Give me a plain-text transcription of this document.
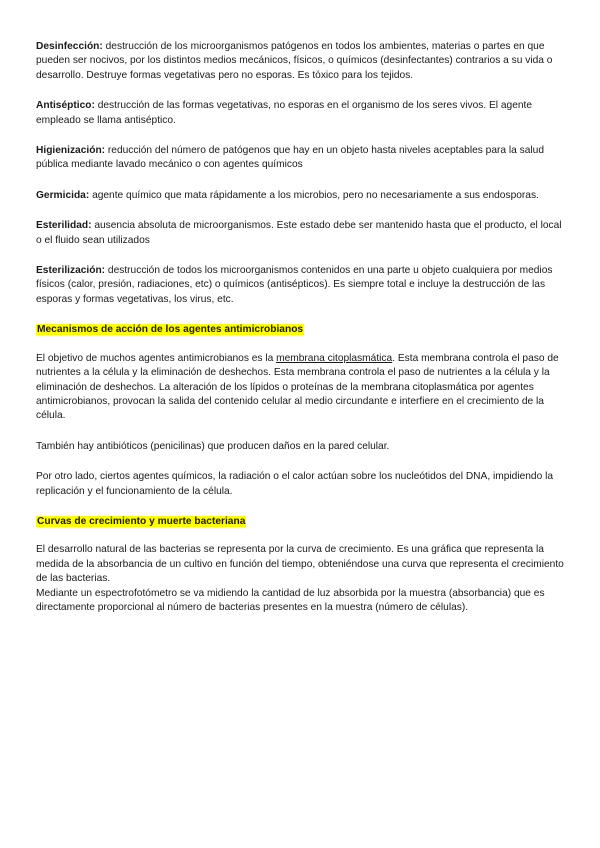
Desinfección: destrucción de los microorganismos patógenos en todos los ambientes, materias o partes en que pueden ser nocivos, por los distintos medios mecánicos, físicos, o químicos (desinfectantes) contrarios a su vida o desarrollo. Destruye formas vegetativas pero no esporas. Es tóxico para los tejidos.

Antiséptico: destrucción de las formas vegetativas, no esporas en el organismo de los seres vivos. El agente empleado se llama antiséptico.

Higienización: reducción del número de patógenos que hay en un objeto hasta niveles aceptables para la salud pública mediante lavado mecánico o con agentes químicos

Germicida: agente químico que mata rápidamente a los microbios, pero no necesariamente a sus endosporas.

Esterilidad: ausencia absoluta de microorganismos. Este estado debe ser mantenido hasta que el producto, el local o el fluido sean utilizados

Esterilización: destrucción de todos los microorganismos contenidos en una parte u objeto cualquiera por medios físicos (calor, presión, radiaciones, etc) o químicos (antisépticos). Es siempre total e incluye la destrucción de las esporas y formas vegetativas, los virus, etc.

Mecanismos de acción de los agentes antimicrobianos

El objetivo de muchos agentes antimicrobianos es la membrana citoplasmática. Esta membrana controla el paso de nutrientes a la célula y la eliminación de deshechos. Esta membrana controla el paso de nutrientes a la célula y la eliminación de deshechos. La alteración de los lípidos o proteínas de la membrana citoplasmática por agentes antimicrobianos, provocan la salida del contenido celular al medio circundante e interfiere en el crecimiento de la célula.

También hay antibióticos (penicilinas) que producen daños en la pared celular.

Por otro lado, ciertos agentes químicos, la radiación o el calor actúan sobre los nucleótidos del DNA, impidiendo la replicación y el funcionamiento de la célula.

Curvas de crecimiento y muerte bacteriana

El desarrollo natural de las bacterias se representa por la curva de crecimiento. Es una gráfica que representa la medida de la absorbancia de un cultivo en función del tiempo, obteniéndose una curva que representa el crecimiento de las bacterias.

Mediante un espectrofotómetro se va midiendo la cantidad de luz absorbida por la muestra (absorbancia) que es directamente proporcional al número de bacterias presentes en la muestra (número de células).
